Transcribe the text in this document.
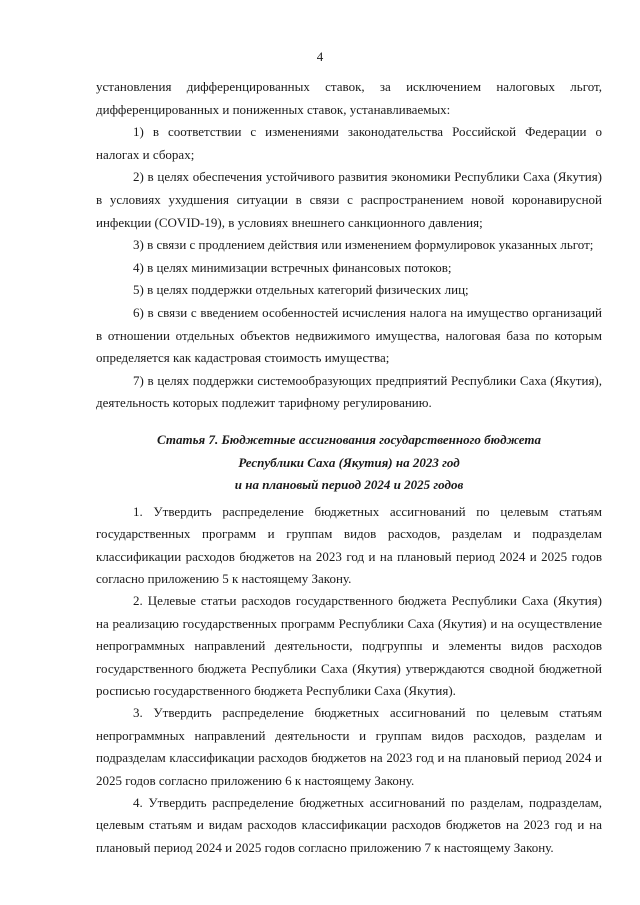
4

установления дифференцированных ставок, за исключением налоговых льгот, дифференцированных и пониженных ставок, устанавливаемых:

1) в соответствии с изменениями законодательства Российской Федерации о налогах и сборах;

2) в целях обеспечения устойчивого развития экономики Республики Саха (Якутия) в условиях ухудшения ситуации в связи с распространением новой коронавирусной инфекции (COVID-19), в условиях внешнего санкционного давления;

3) в связи с продлением действия или изменением формулировок указанных льгот;

4) в целях минимизации встречных финансовых потоков;

5) в целях поддержки отдельных категорий физических лиц;

6) в связи с введением особенностей исчисления налога на имущество организаций в отношении отдельных объектов недвижимого имущества, налоговая база по которым определяется как кадастровая стоимость имущества;

7) в целях поддержки системообразующих предприятий Республики Саха (Якутия), деятельность которых подлежит тарифному регулированию.

Статья 7. Бюджетные ассигнования государственного бюджета

Республики Саха (Якутия) на 2023 год

и на плановый период 2024 и 2025 годов

1. Утвердить распределение бюджетных ассигнований по целевым статьям государственных программ и группам видов расходов, разделам и подразделам классификации расходов бюджетов на 2023 год и на плановый период 2024 и 2025 годов согласно приложению 5 к настоящему Закону.

2. Целевые статьи расходов государственного бюджета Республики Саха (Якутия) на реализацию государственных программ Республики Саха (Якутия) и на осуществление непрограммных направлений деятельности, подгруппы и элементы видов расходов государственного бюджета Республики Саха (Якутия) утверждаются сводной бюджетной росписью государственного бюджета Республики Саха (Якутия).

3. Утвердить распределение бюджетных ассигнований по целевым статьям непрограммных направлений деятельности и группам видов расходов, разделам и подразделам классификации расходов бюджетов на 2023 год и на плановый период 2024 и 2025 годов согласно приложению 6 к настоящему Закону.

4. Утвердить распределение бюджетных ассигнований по разделам, подразделам, целевым статьям и видам расходов классификации расходов бюджетов на 2023 год и на плановый период 2024 и 2025 годов согласно приложению 7 к настоящему Закону.
